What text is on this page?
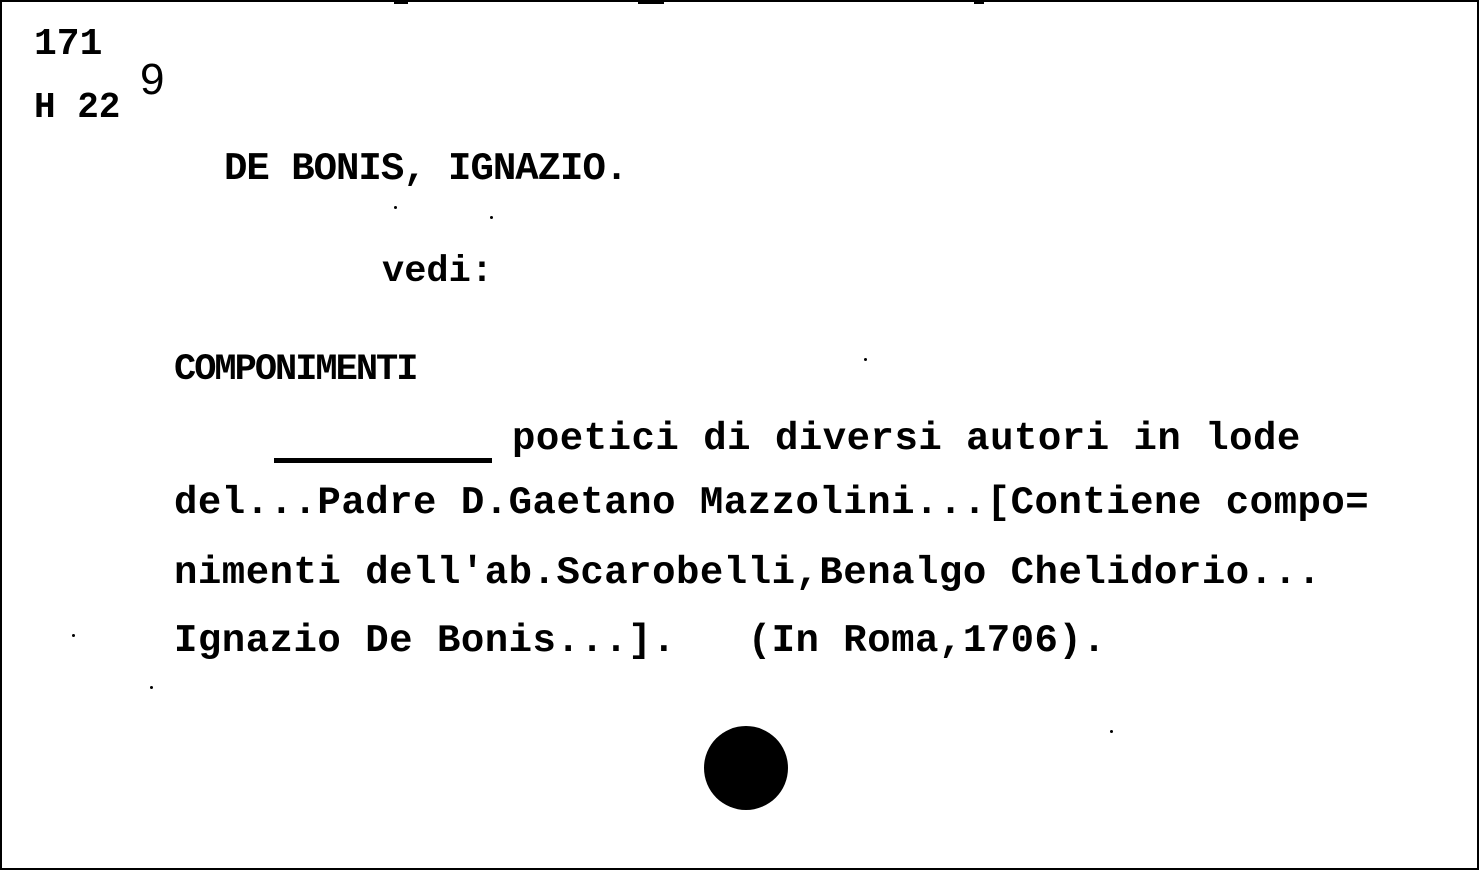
171
H 22
9
DE BONIS, IGNAZIO.
vedi:
COMPONIMENTI
poetici di diversi autori in lode
del...Padre D.Gaetano Mazzolini...[Contiene compo=
nimenti dell'ab.Scarobelli,Benalgo Chelidorio...
Ignazio De Bonis...].   (In Roma,1706).
